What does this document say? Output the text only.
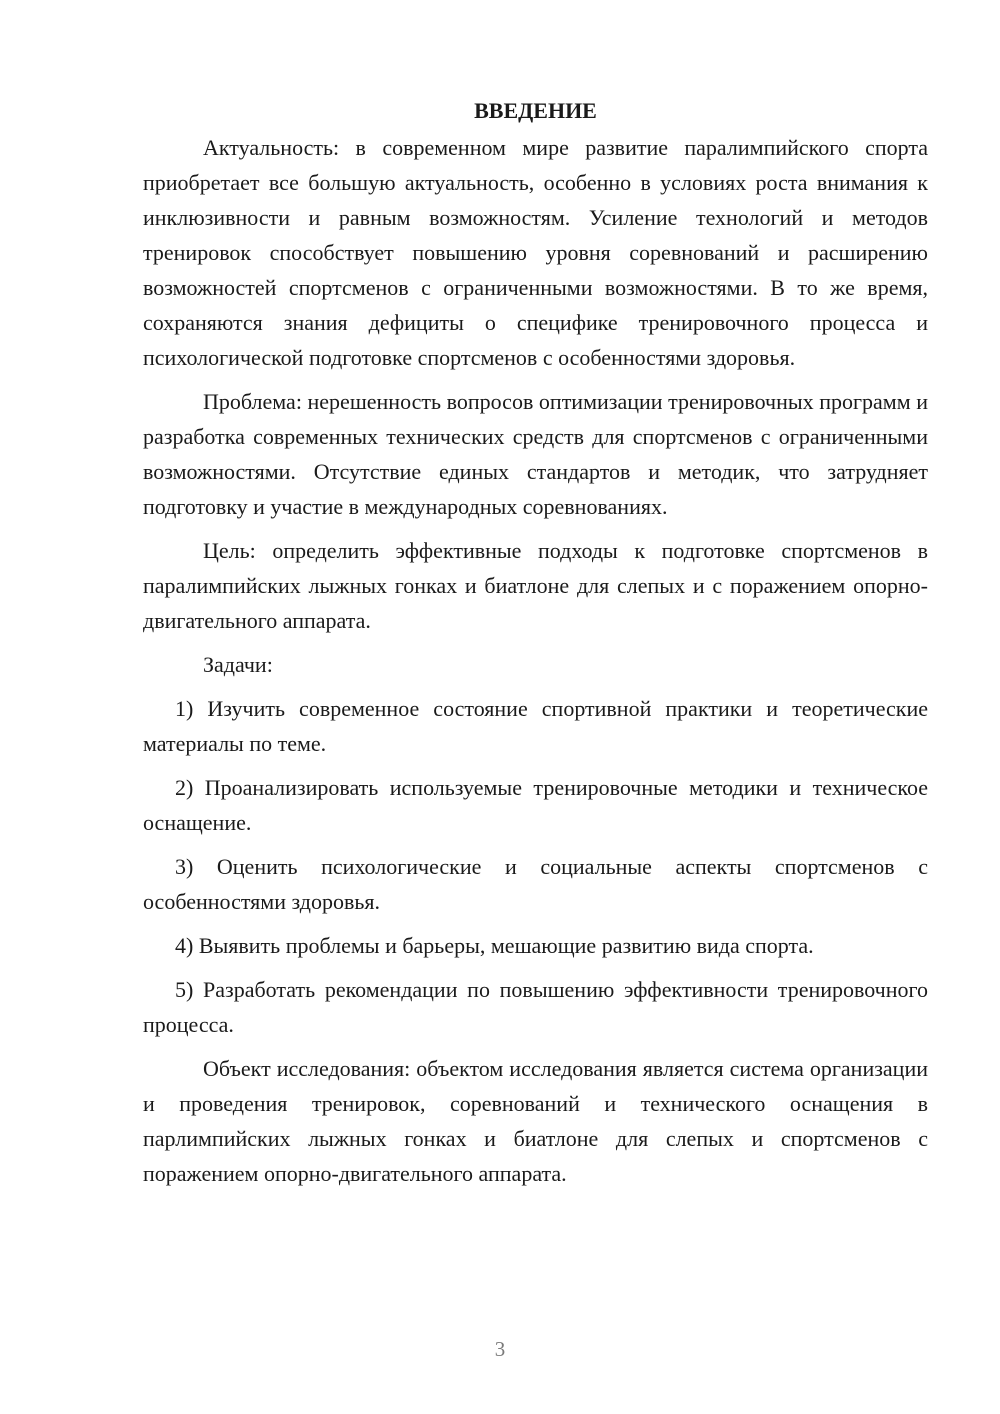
ВВЕДЕНИЕ

Актуальность: в современном мире развитие паралимпийского спорта приобретает все большую актуальность, особенно в условиях роста внимания к инклюзивности и равным возможностям. Усиление технологий и методов тренировок способствует повышению уровня соревнований и расширению возможностей спортсменов с ограниченными возможностями. В то же время, сохраняются знания дефициты о специфике тренировочного процесса и психологической подготовке спортсменов с особенностями здоровья.

Проблема: нерешенность вопросов оптимизации тренировочных программ и разработка современных технических средств для спортсменов с ограниченными возможностями. Отсутствие единых стандартов и методик, что затрудняет подготовку и участие в международных соревнованиях.

Цель: определить эффективные подходы к подготовке спортсменов в паралимпийских лыжных гонках и биатлоне для слепых и с поражением опорно-двигательного аппарата.

Задачи:

1) Изучить современное состояние спортивной практики и теоретические материалы по теме.

2) Проанализировать используемые тренировочные методики и техническое оснащение.

3) Оценить психологические и социальные аспекты спортсменов с особенностями здоровья.

4) Выявить проблемы и барьеры, мешающие развитию вида спорта.

5) Разработать рекомендации по повышению эффективности тренировочного процесса.

Объект исследования: объектом исследования является система организации и проведения тренировок, соревнований и технического оснащения в парлимпийских лыжных гонках и биатлоне для слепых и спортсменов с поражением опорно-двигательного аппарата.

3
